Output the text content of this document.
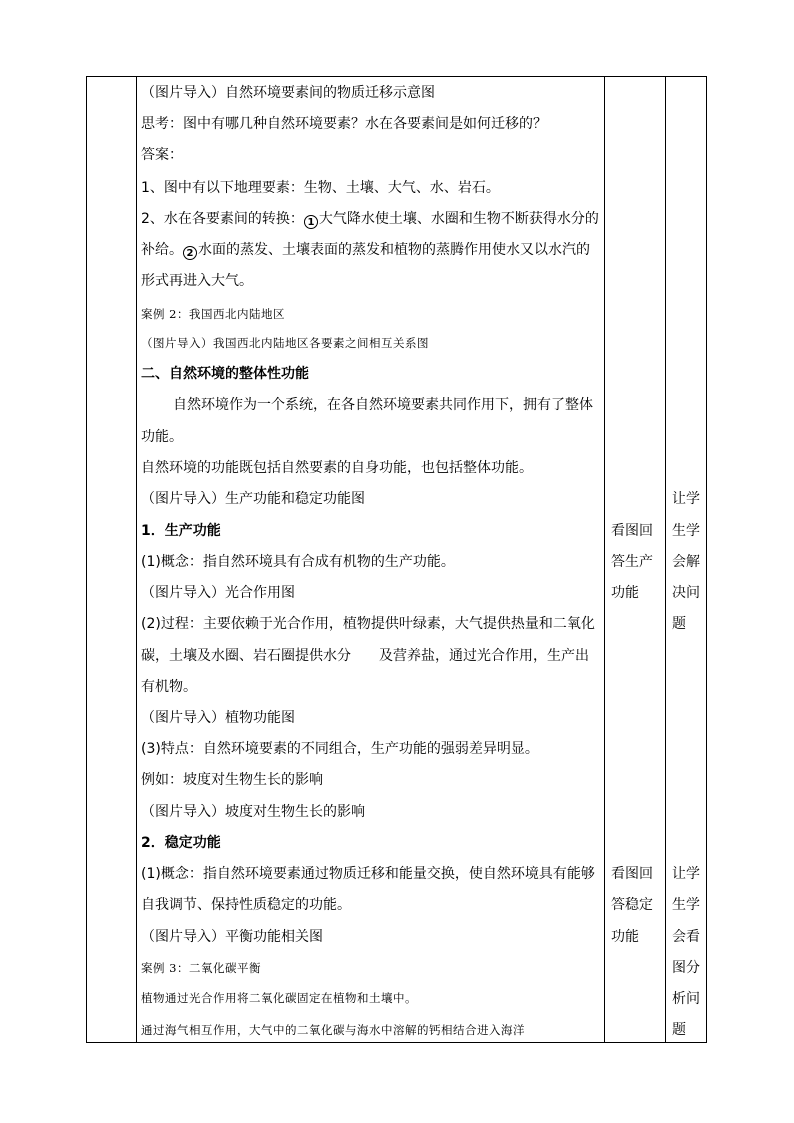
（图片导入）自然环境要素间的物质迁移示意图
思考：图中有哪几种自然环境要素？水在各要素间是如何迁移的？
答案：
1、图中有以下地理要素：生物、土壤、大气、水、岩石。
2、水在各要素间的转换： 1 大气降水使土壤、水圈和生物不断获得水分的
补给。 2 水面的蒸发、土壤表面的蒸发和植物的蒸腾作用使水又以水汽的
形式再进入大气。
案例 2：我国西北内陆地区
（图片导入）我国西北内陆地区各要素之间相互关系图
二、自然环境的整体性功能
自然环境作为一个系统，在各自然环境要素共同作用下，拥有了整体
功能。
自然环境的功能既包括自然要素的自身功能，也包括整体功能。
（图片导入）生产功能和稳定功能图
1．生产功能
(1)概念：指自然环境具有合成有机物的生产功能。
（图片导入）光合作用图
(2)过程：主要依赖于光合作用，植物提供叶绿素，大气提供热量和二氧化
碳，土壤及水圈、岩石圈提供水分　　及营养盐，通过光合作用，生产出
有机物。
（图片导入）植物功能图
(3)特点：自然环境要素的不同组合，生产功能的强弱差异明显。
例如：坡度对生物生长的影响
（图片导入）坡度对生物生长的影响
2．稳定功能
(1)概念：指自然环境要素通过物质迁移和能量交换，使自然环境具有能够
自我调节、保持性质稳定的功能。
（图片导入）平衡功能相关图
案例 3：二氧化碳平衡
植物通过光合作用将二氧化碳固定在植物和土壤中。
通过海气相互作用，大气中的二氧化碳与海水中溶解的钙相结合进入海洋
看图回
答生产
功能
看图回
答稳定
功能
让学
生学
会解
决问
题
让学
生学
会看
图分
析问
题
